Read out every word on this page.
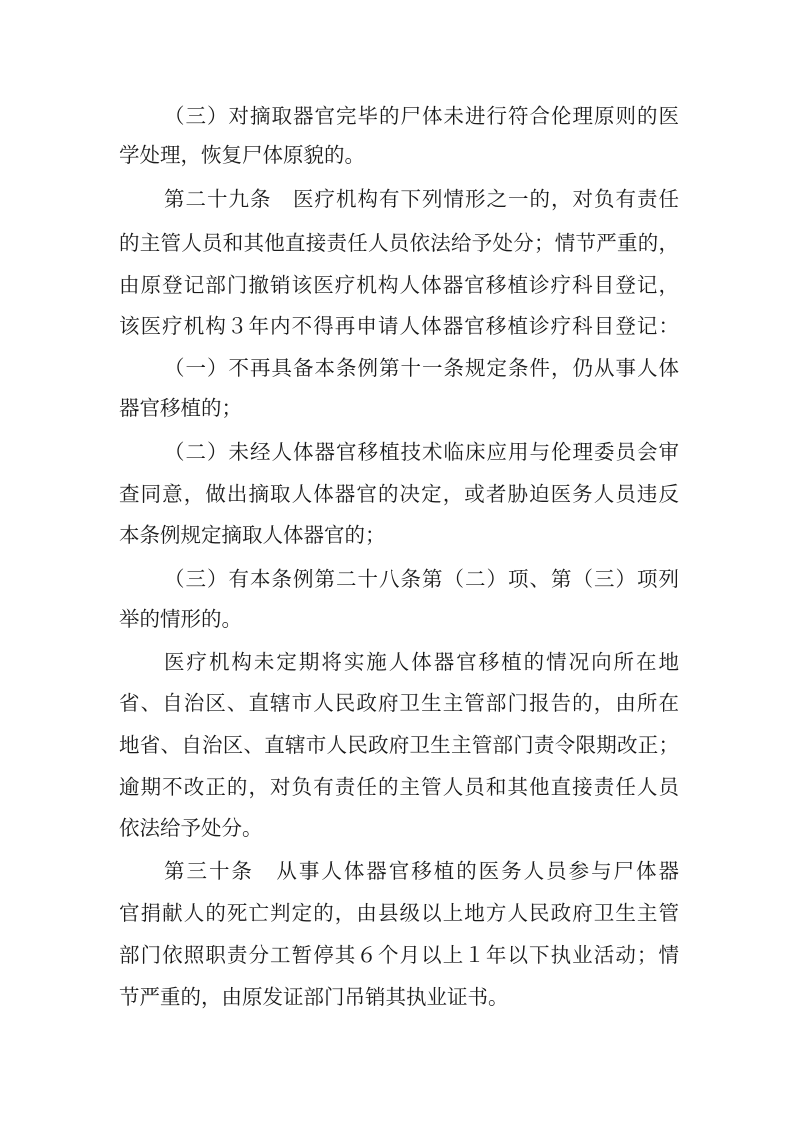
（三）对摘取器官完毕的尸体未进行符合伦理原则的医
学处理，恢复尸体原貌的。
第二十九条　医疗机构有下列情形之一的，对负有责任
的主管人员和其他直接责任人员依法给予处分；情节严重的，
由原登记部门撤销该医疗机构人体器官移植诊疗科目登记，
该医疗机构３年内不得再申请人体器官移植诊疗科目登记：
（一）不再具备本条例第十一条规定条件，仍从事人体
器官移植的；
（二）未经人体器官移植技术临床应用与伦理委员会审
查同意，做出摘取人体器官的决定，或者胁迫医务人员违反
本条例规定摘取人体器官的；
（三）有本条例第二十八条第（二）项、第（三）项列
举的情形的。
医疗机构未定期将实施人体器官移植的情况向所在地
省、自治区、直辖市人民政府卫生主管部门报告的，由所在
地省、自治区、直辖市人民政府卫生主管部门责令限期改正；
逾期不改正的，对负有责任的主管人员和其他直接责任人员
依法给予处分。
第三十条　从事人体器官移植的医务人员参与尸体器
官捐献人的死亡判定的，由县级以上地方人民政府卫生主管
部门依照职责分工暂停其６个月以上１年以下执业活动；情
节严重的，由原发证部门吊销其执业证书。
